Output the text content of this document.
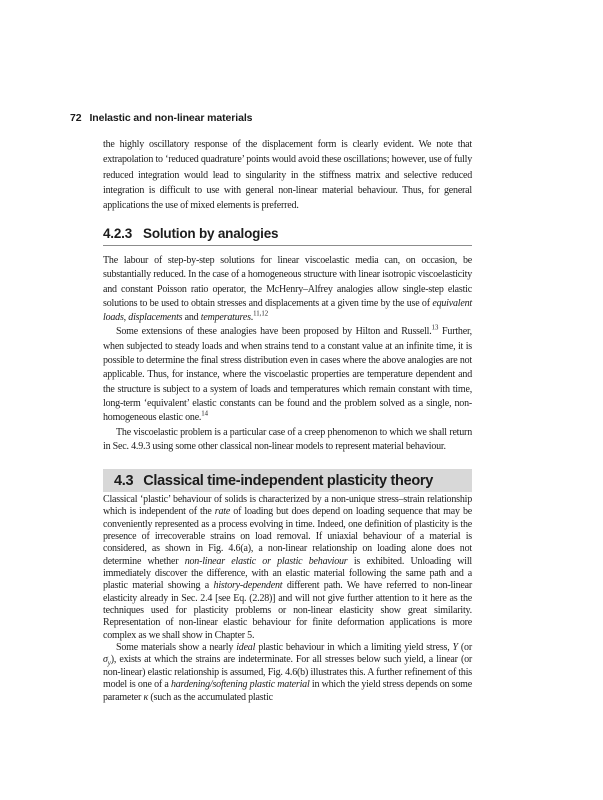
72 Inelastic and non-linear materials

the highly oscillatory response of the displacement form is clearly evident. We note that extrapolation to ‘reduced quadrature’ points would avoid these oscillations; however, use of fully reduced integration would lead to singularity in the stiffness matrix and selective reduced integration is difficult to use with general non-linear material behaviour. Thus, for general applications the use of mixed elements is preferred.

4.2.3 Solution by analogies

The labour of step-by-step solutions for linear viscoelastic media can, on occasion, be substantially reduced. In the case of a homogeneous structure with linear isotropic viscoelasticity and constant Poisson ratio operator, the McHenry–Alfrey analogies allow single-step elastic solutions to be used to obtain stresses and displacements at a given time by the use of equivalent loads, displacements and temperatures.$^{11,12}$

Some extensions of these analogies have been proposed by Hilton and Russell.$^{13}$ Further, when subjected to steady loads and when strains tend to a constant value at an infinite time, it is possible to determine the final stress distribution even in cases where the above analogies are not applicable. Thus, for instance, where the viscoelastic properties are temperature dependent and the structure is subject to a system of loads and temperatures which remain constant with time, long-term ‘equivalent’ elastic constants can be found and the problem solved as a single, non-homogeneous elastic one.$^{14}$

The viscoelastic problem is a particular case of a creep phenomenon to which we shall return in Sec. 4.9.3 using some other classical non-linear models to represent material behaviour.

4.3 Classical time-independent plasticity theory

Classical ‘plastic’ behaviour of solids is characterized by a non-unique stress–strain relationship which is independent of the rate of loading but does depend on loading sequence that may be conveniently represented as a process evolving in time. Indeed, one definition of plasticity is the presence of irrecoverable strains on load removal. If uniaxial behaviour of a material is considered, as shown in Fig. 4.6(a), a non-linear relationship on loading alone does not determine whether non-linear elastic or plastic behaviour is exhibited. Unloading will immediately discover the difference, with an elastic material following the same path and a plastic material showing a history-dependent different path. We have referred to non-linear elasticity already in Sec. 2.4 [see Eq. (2.28)] and will not give further attention to it here as the techniques used for plasticity problems or non-linear elasticity show great similarity. Representation of non-linear elastic behaviour for finite deformation applications is more complex as we shall show in Chapter 5.

Some materials show a nearly ideal plastic behaviour in which a limiting yield stress, Y (or $\sigma_y$), exists at which the strains are indeterminate. For all stresses below such yield, a linear (or non-linear) elastic relationship is assumed, Fig. 4.6(b) illustrates this. A further refinement of this model is one of a hardening/softening plastic material in which the yield stress depends on some parameter κ (such as the accumulated plastic
